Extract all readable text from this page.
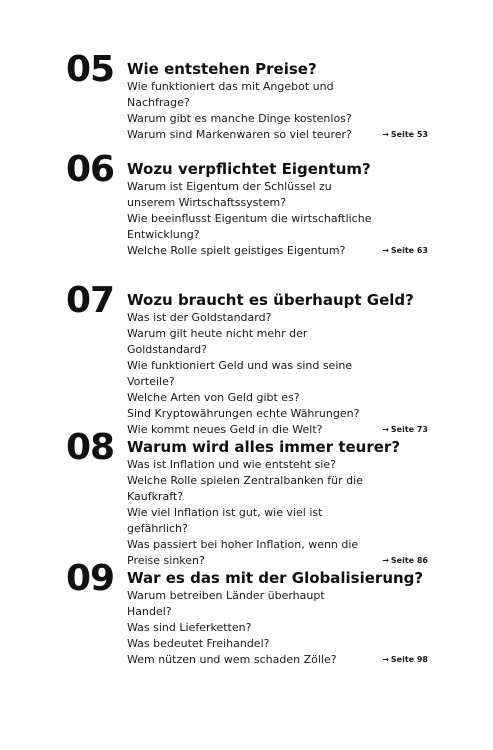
05 Wie entstehen Preise?
Wie funktioniert das mit Angebot und Nachfrage?
Warum gibt es manche Dinge kostenlos?
Warum sind Markenwaren so viel teurer?	→ Seite 53
06 Wozu verpflichtet Eigentum?
Warum ist Eigentum der Schlüssel zu unserem Wirtschaftssystem?
Wie beeinflusst Eigentum die wirtschaftliche Entwicklung?
Welche Rolle spielt geistiges Eigentum?	→ Seite 63
07 Wozu braucht es überhaupt Geld?
Was ist der Goldstandard?
Warum gilt heute nicht mehr der Goldstandard?
Wie funktioniert Geld und was sind seine Vorteile?
Welche Arten von Geld gibt es?
Sind Kryptowährungen echte Währungen?
Wie kommt neues Geld in die Welt?	→ Seite 73
08 Warum wird alles immer teurer?
Was ist Inflation und wie entsteht sie?
Welche Rolle spielen Zentralbanken für die Kaufkraft?
Wie viel Inflation ist gut, wie viel ist gefährlich?
Was passiert bei hoher Inflation, wenn die Preise sinken?	→ Seite 86
09 War es das mit der Globalisierung?
Warum betreiben Länder überhaupt Handel?
Was sind Lieferketten?
Was bedeutet Freihandel?
Wem nützen und wem schaden Zölle?	→ Seite 98
